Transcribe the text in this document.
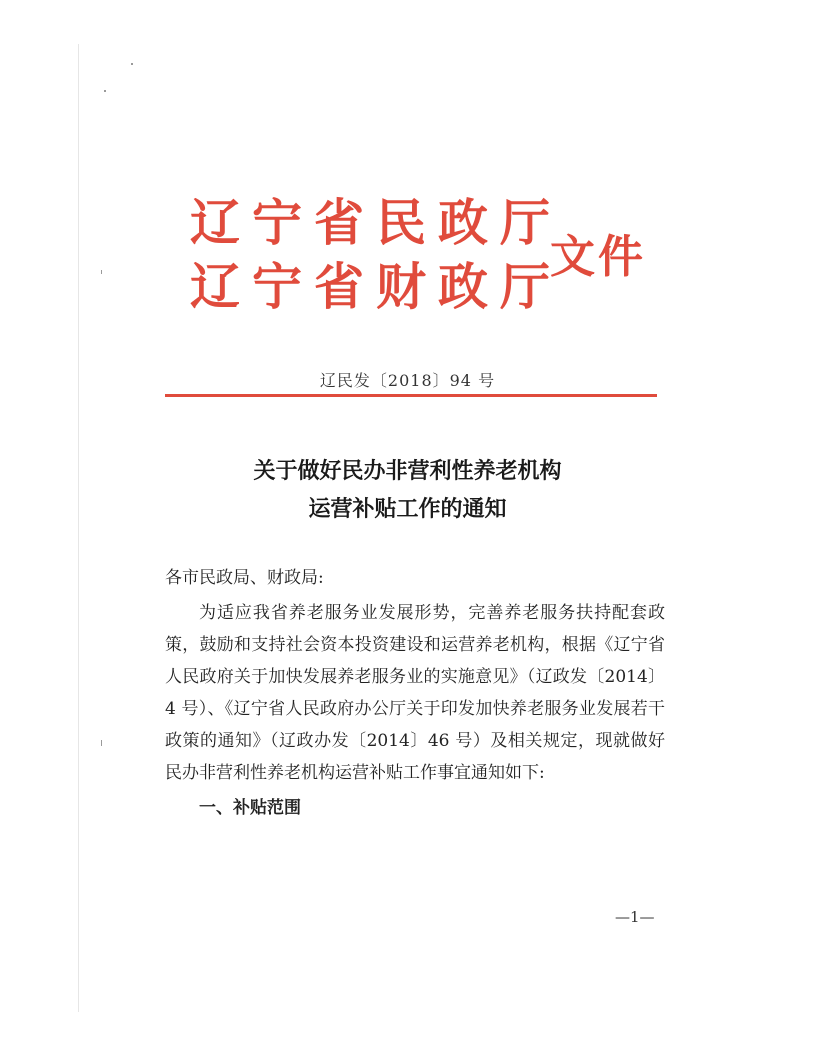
辽宁省民政厅
辽宁省财政厅
文件
辽民发〔2018〕94 号
关于做好民办非营利性养老机构
运营补贴工作的通知

各市民政局、财政局:

为适应我省养老服务业发展形势，完善养老服务扶持配套政策，鼓励和支持社会资本投资建设和运营养老机构，根据《辽宁省人民政府关于加快发展养老服务业的实施意见》（辽政发〔2014〕4 号）、《辽宁省人民政府办公厅关于印发加快养老服务业发展若干政策的通知》（辽政办发〔2014〕46 号）及相关规定，现就做好民办非营利性养老机构运营补贴工作事宜通知如下:

一、补贴范围

—1—
